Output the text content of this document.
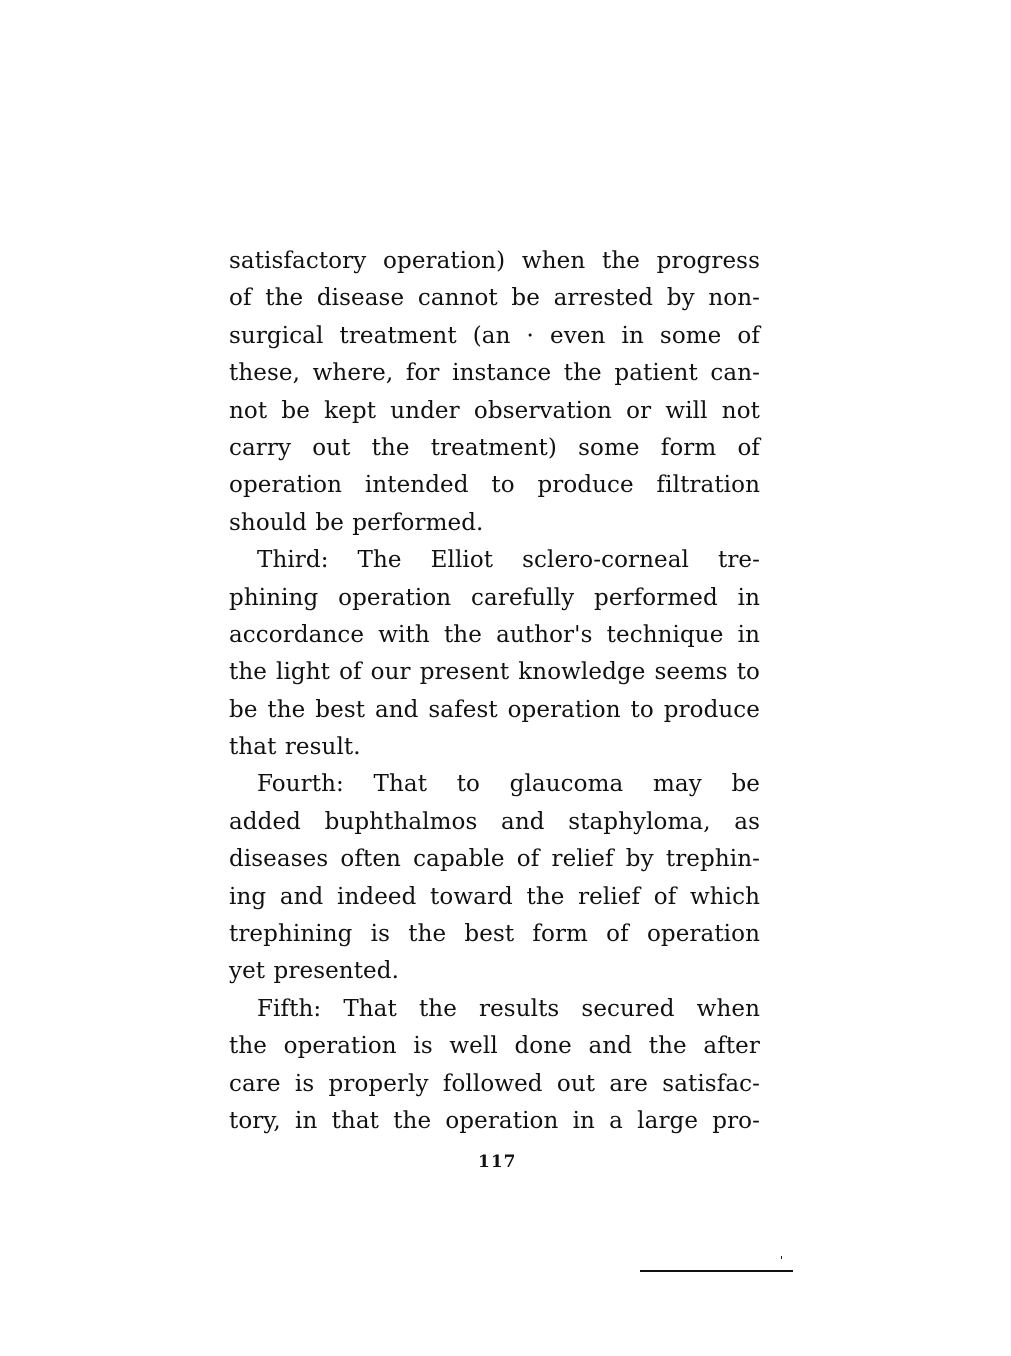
satisfactory operation) when the progress
of the disease cannot be arrested by non-
surgical treatment (an · even in some of
these, where, for instance the patient can-
not be kept under observation or will not
carry out the treatment) some form of
operation intended to produce filtration
should be performed.
Third: The Elliot sclero-corneal tre-
phining operation carefully performed in
accordance with the author's technique in
the light of our present knowledge seems to
be the best and safest operation to produce
that result.
Fourth: That to glaucoma may be
added buphthalmos and staphyloma, as
diseases often capable of relief by trephin-
ing and indeed toward the relief of which
trephining is the best form of operation
yet presented.
Fifth: That the results secured when
the operation is well done and the after
care is properly followed out are satisfac-
tory, in that the operation in a large pro-
117
